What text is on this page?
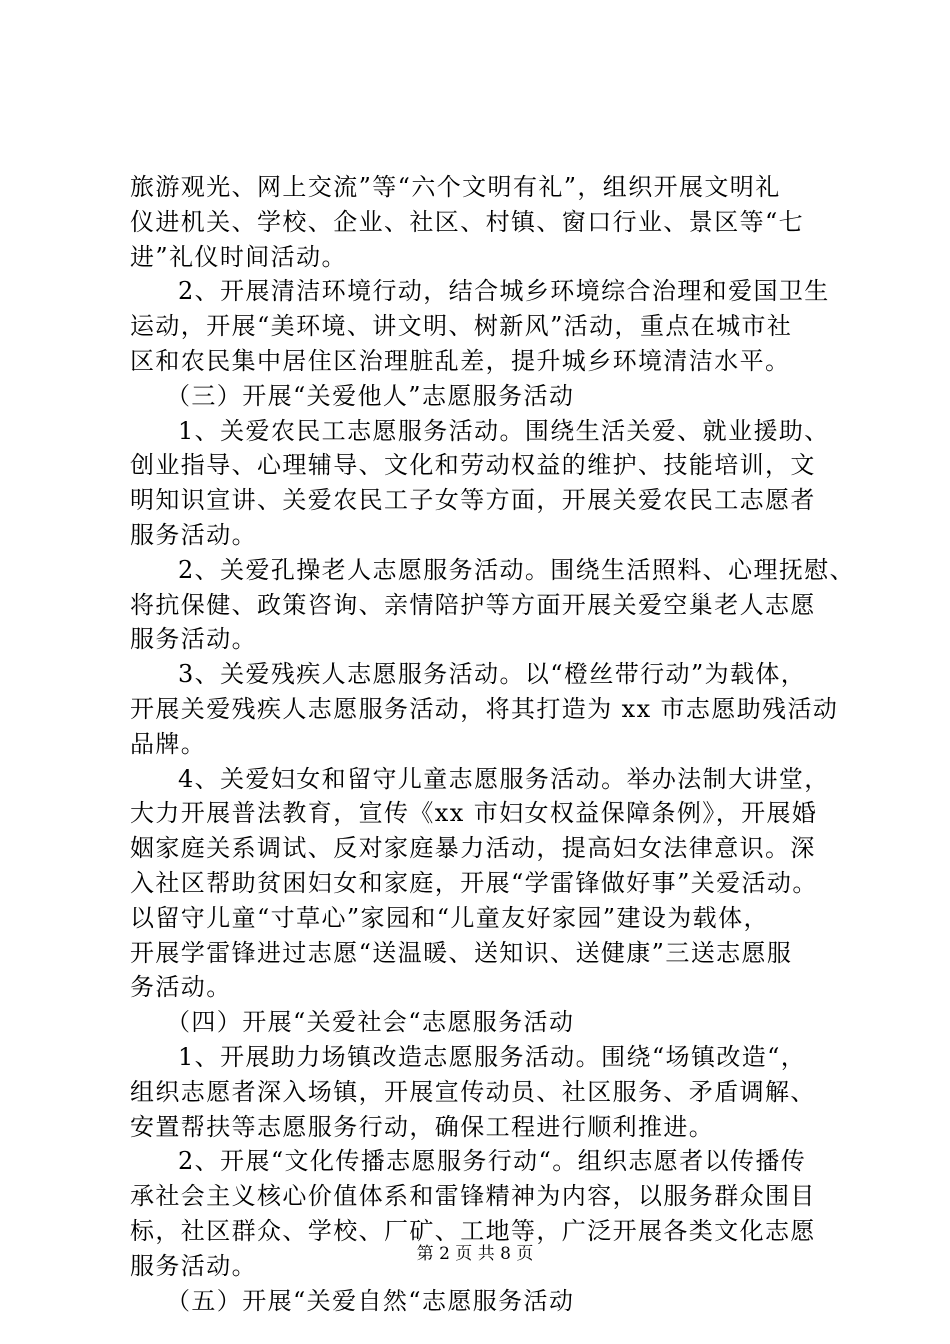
旅游观光、网上交流”等“六个文明有礼”，组织开展文明礼
仪进机关、学校、企业、社区、村镇、窗口行业、景区等“七
进”礼仪时间活动。
2、开展清洁环境行动，结合城乡环境综合治理和爱国卫生
运动，开展“美环境、讲文明、树新风”活动，重点在城市社
区和农民集中居住区治理脏乱差，提升城乡环境清洁水平。
（三）开展“关爱他人”志愿服务活动
1、关爱农民工志愿服务活动。围绕生活关爱、就业援助、
创业指导、心理辅导、文化和劳动权益的维护、技能培训，文
明知识宣讲、关爱农民工子女等方面，开展关爱农民工志愿者
服务活动。
2、关爱孔操老人志愿服务活动。围绕生活照料、心理抚慰、
将抗保健、政策咨询、亲情陪护等方面开展关爱空巢老人志愿
服务活动。
3、关爱残疾人志愿服务活动。以“橙丝带行动”为载体，
开展关爱残疾人志愿服务活动，将其打造为 xx 市志愿助残活动
品牌。
4、关爱妇女和留守儿童志愿服务活动。举办法制大讲堂，
大力开展普法教育，宣传《xx 市妇女权益保障条例》，开展婚
姻家庭关系调试、反对家庭暴力活动，提高妇女法律意识。深
入社区帮助贫困妇女和家庭，开展“学雷锋做好事”关爱活动。
以留守儿童“寸草心”家园和“儿童友好家园”建设为载体，
开展学雷锋进过志愿“送温暖、送知识、送健康”三送志愿服
务活动。
（四）开展“关爱社会“志愿服务活动
1、开展助力场镇改造志愿服务活动。围绕“场镇改造“，
组织志愿者深入场镇，开展宣传动员、社区服务、矛盾调解、
安置帮扶等志愿服务行动，确保工程进行顺利推进。
2、开展“文化传播志愿服务行动“。组织志愿者以传播传
承社会主义核心价值体系和雷锋精神为内容，以服务群众围目
标，社区群众、学校、厂矿、工地等，广泛开展各类文化志愿
服务活动。
（五）开展“关爱自然“志愿服务活动
第 2 页 共 8 页
